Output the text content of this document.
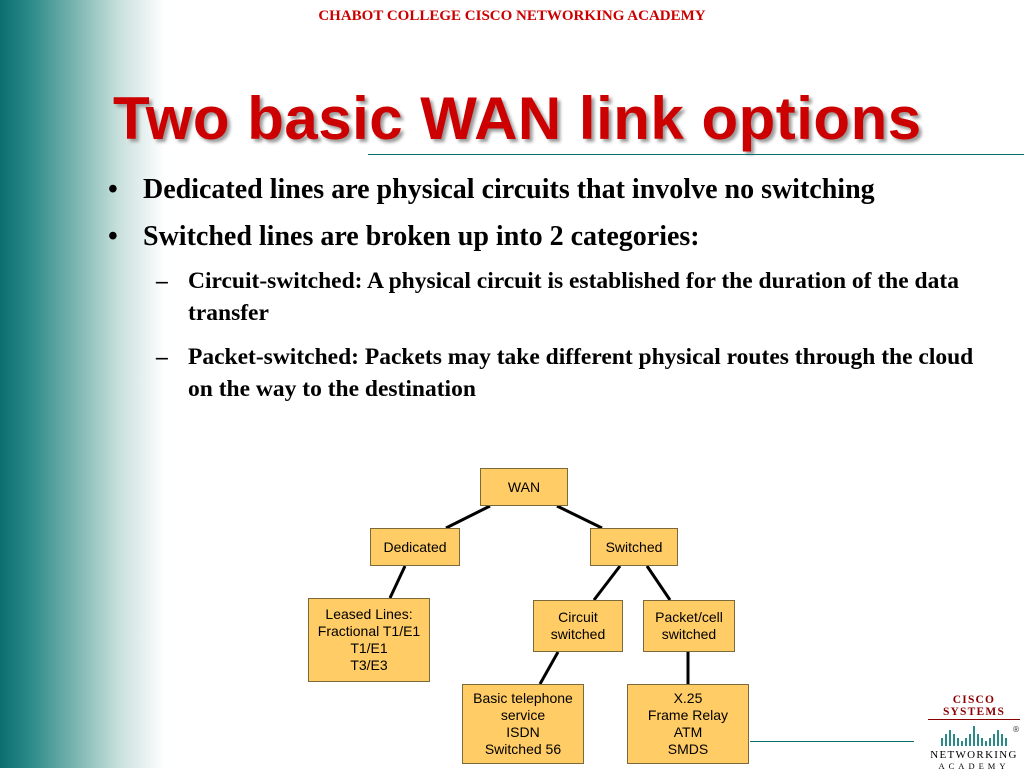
CHABOT COLLEGE CISCO NETWORKING ACADEMY
Two basic WAN link options
• Dedicated lines are physical circuits that involve no switching
• Switched lines are broken up into 2 categories:
– Circuit-switched: A physical circuit is established for the duration of the data transfer
– Packet-switched: Packets may take different physical routes through the cloud on the way to the destination
WAN
Dedicated	Switched
Leased Lines:
Fractional T1/E1
T1/E1
T3/E3
Circuit
switched
Packet/cell
switched
Basic telephone
service
ISDN
Switched 56
X.25
Frame Relay
ATM
SMDS
CISCO SYSTEMS
NETWORKING
ACADEMY
®
